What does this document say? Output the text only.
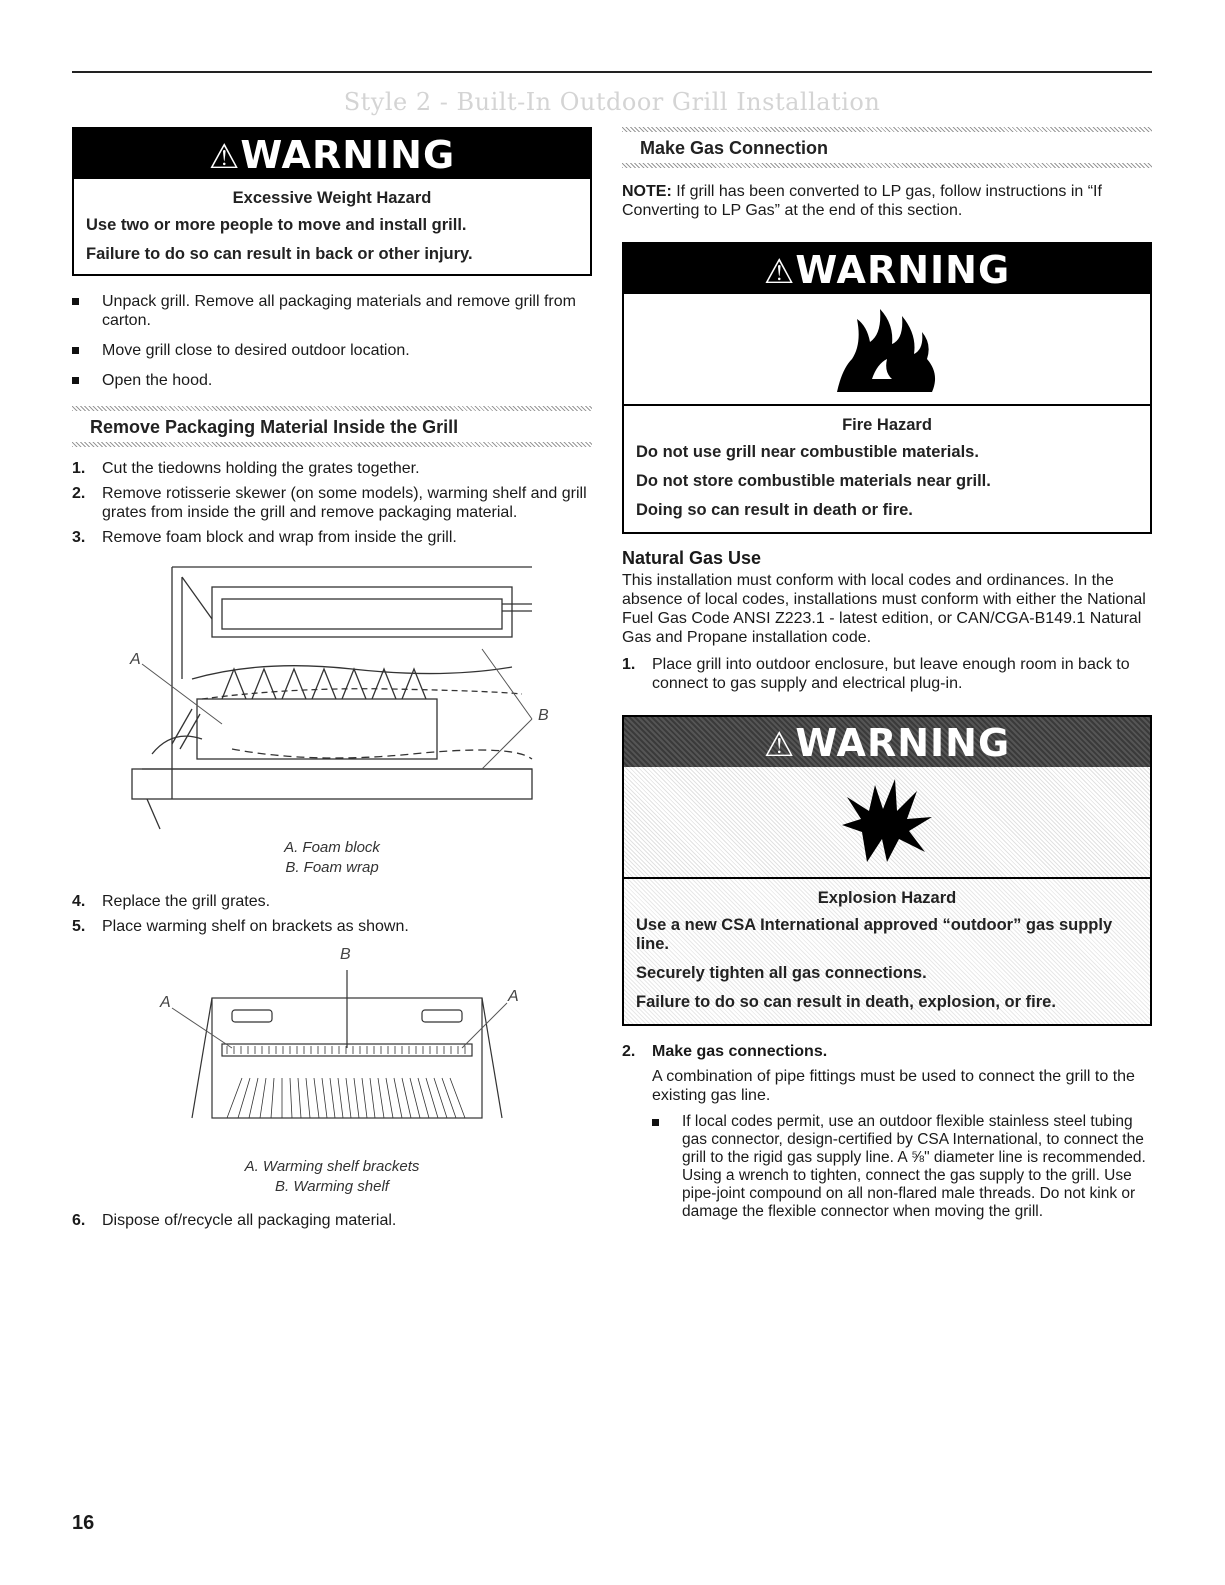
Style 2 - Built-In Outdoor Grill Installation
⚠WARNING
Excessive Weight Hazard

Use two or more people to move and install grill.

Failure to do so can result in back or other injury.

Unpack grill. Remove all packaging materials and remove grill from carton.
Move grill close to desired outdoor location.
Open the hood.
Remove Packaging Material Inside the Grill
1. Cut the tiedowns holding the grates together.
2. Remove rotisserie skewer (on some models), warming shelf and grill grates from inside the grill and remove packaging material.
3. Remove foam block and wrap from inside the grill.
A
B
A. Foam block
B. Foam wrap
4. Replace the grill grates.
5. Place warming shelf on brackets as shown.
B
A	A
A. Warming shelf brackets
B. Warming shelf
6. Dispose of/recycle all packaging material.
Make Gas Connection
NOTE: If grill has been converted to LP gas, follow instructions in “If Converting to LP Gas” at the end of this section.
⚠WARNING
Fire Hazard

Do not use grill near combustible materials.

Do not store combustible materials near grill.

Doing so can result in death or fire.

Natural Gas Use
This installation must conform with local codes and ordinances. In the absence of local codes, installations must conform with either the National Fuel Gas Code ANSI Z223.1 - latest edition, or CAN/CGA-B149.1 Natural Gas and Propane installation code.
1. Place grill into outdoor enclosure, but leave enough room in back to connect to gas supply and electrical plug-in.
⚠WARNING
Explosion Hazard

Use a new CSA International approved “outdoor” gas supply line.

Securely tighten all gas connections.

Failure to do so can result in death, explosion, or fire.

2. Make gas connections.
A combination of pipe fittings must be used to connect the grill to the existing gas line.
If local codes permit, use an outdoor flexible stainless steel tubing gas connector, design-certified by CSA International, to connect the grill to the rigid gas supply line. A ⅝" diameter line is recommended. Using a wrench to tighten, connect the gas supply to the grill. Use pipe-joint compound on all non-flared male threads. Do not kink or damage the flexible connector when moving the grill.
16
